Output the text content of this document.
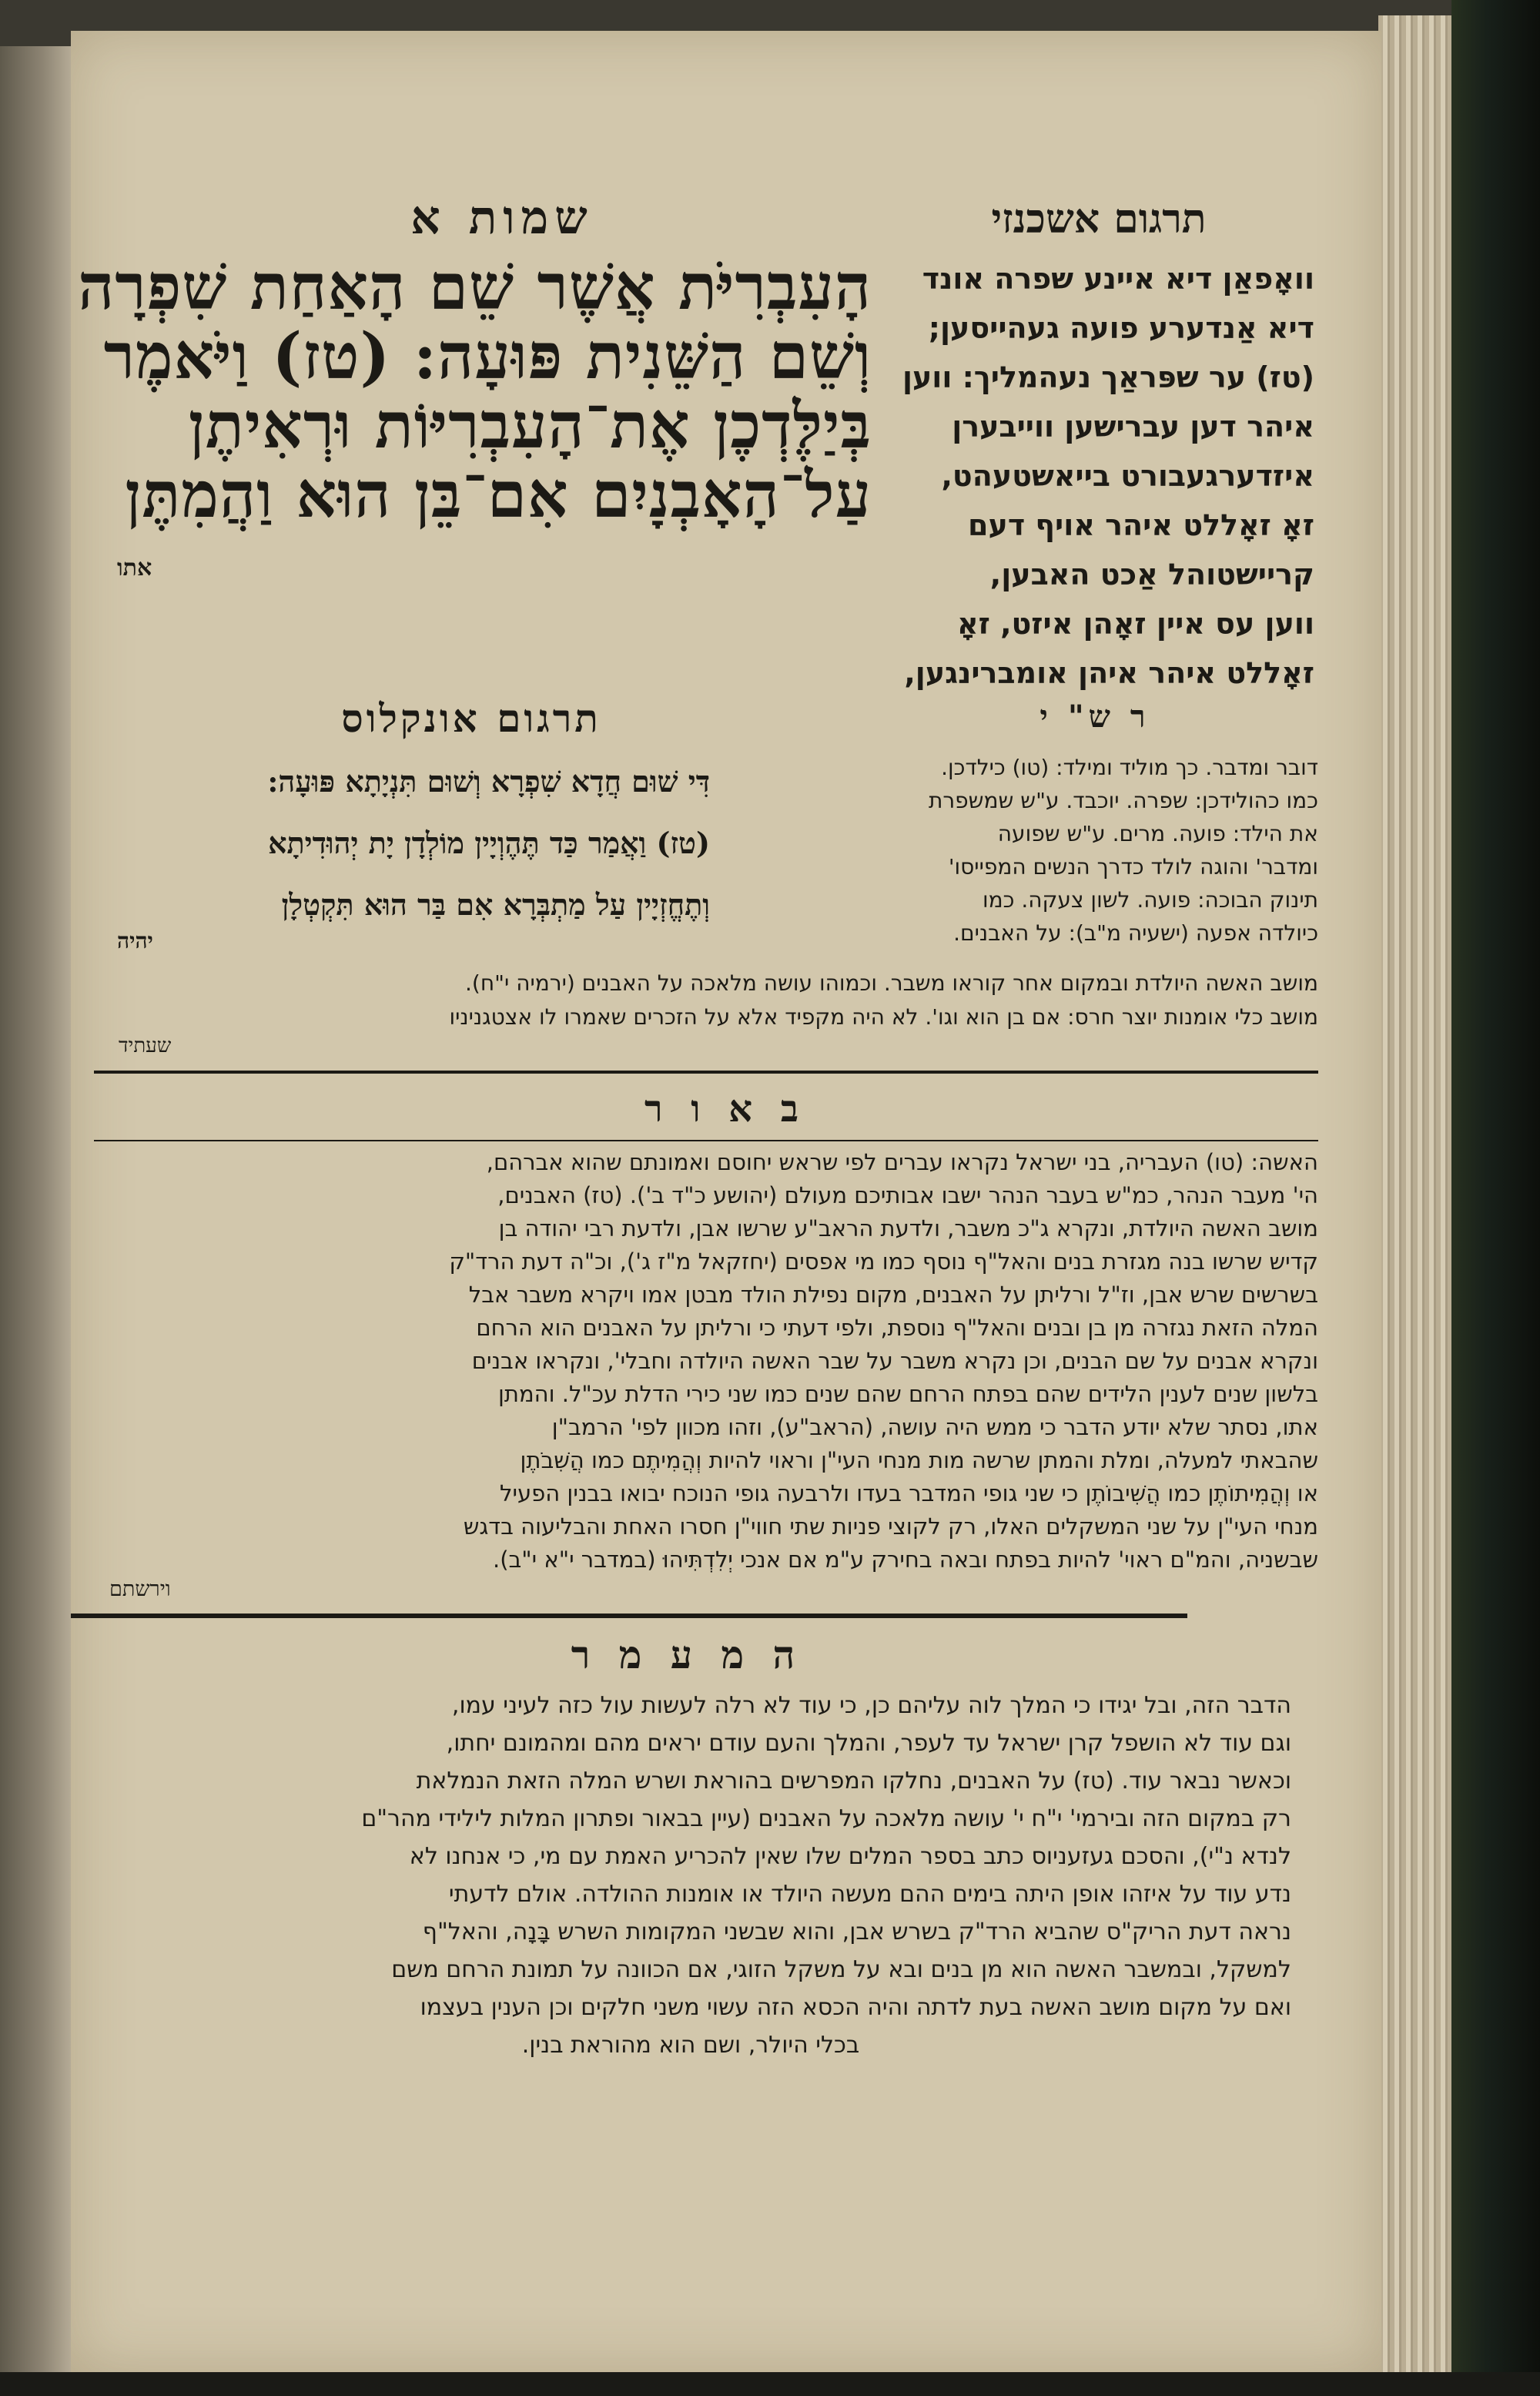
תרגום אשכנזי
שמות א
הָעִבְרִיֹּת אֲשֶׁר שֵׁם הָאַחַת שִׁפְרָה
וְשֵׁם הַשֵּׁנִית פּוּעָה: (טז) וַיֹּאמֶר
בְּיַלֶּדְכֶן אֶת־הָעִבְרִיּוֹת וּרְאִיתֶן
עַל־הָאָבְנָיִם אִם־בֵּן הוּא וַהֲמִתֶּן
אתו
וואָפאַן דיא איינע שפרה אונד
דיא אַנדערע פועה געהייסען;
(טז) ער שפּראַך נעהמליך: ווען
איהר דען עברישען ווייבערן
איזדערגעבורט בייאשטעהט,
זאָ זאָללט איהר אויף דעם
קריישטוהל אַכט האבען,
ווען עס איין זאָהן איזט, זאָ
זאָללט איהר איהן אומברינגען,
ר ש" י
תרגום אונקלוס
דובר ומדבר. כך מוליד ומילד: (טו) כילדכן.
כמו כהולידכן: שפרה. יוכבד. ע"ש שמשפרת
את הילד: פועה. מרים. ע"ש שפועה
ומדבר' והוגה לולד כדרך הנשים המפייסו'
תינוק הבוכה: פועה. לשון צעקה. כמו
כיולדה אפעה (ישעיה מ"ב): על האבנים.
דִּי שׁוּם חֲדָא שִׁפְרָא וְשׁוּם תִּנְיָתָא פּוּעָה:
(טז) וַאֲמַר כַּד תֶּהֶוְיָין מוֹלְדָן יָת יְהוּדִיתָא
וְתֶחֱזְיָין עַל מַתְבְּרָא אִם בַּר הוּא תִּקְטְלָן
יהיה
מושב האשה היולדת ובמקום אחר קוראו משבר. וכמוהו עושה מלאכה על האבנים (ירמיה י"ח).
מושב כלי אומנות יוצר חרס: אם בן הוא וגו'. לא היה מקפיד אלא על הזכרים שאמרו לו אצטגניניו
שעתיד
ב א ו ר
האשה: (טו) העבריה, בני ישראל נקראו עברים לפי שראש יחוסם ואמונתם שהוא אברהם,
הי' מעבר הנהר, כמ"ש בעבר הנהר ישבו אבותיכם מעולם (יהושע כ"ד ב'). (טז) האבנים,
מושב האשה היולדת, ונקרא ג"כ משבר, ולדעת הראב"ע שרשו אבן, ולדעת רבי יהודה בן
קדיש שרשו בנה מגזרת בנים והאל"ף נוסף כמו מי אפסים (יחזקאל מ"ז ג'), וכ"ה דעת הרד"ק
בשרשים שרש אבן, וז"ל ורליתן על האבנים, מקום נפילת הולד מבטן אמו ויקרא משבר אבל
המלה הזאת נגזרה מן בן ובנים והאל"ף נוספת, ולפי דעתי כי ורליתן על האבנים הוא הרחם
ונקרא אבנים על שם הבנים, וכן נקרא משבר על שבר האשה היולדה וחבלי', ונקראו אבנים
בלשון שנים לענין הלידים שהם בפתח הרחם שהם שנים כמו שני כירי הדלת עכ"ל. והמתן
אתו, נסתר שלא יודע הדבר כי ממש היה עושה, (הראב"ע), וזהו מכוון לפי' הרמב"ן
שהבאתי למעלה, ומלת והמתן שרשה מות מנחי העי"ן וראוי להיות וְהֲמִיתֶם כמו הֲשִׁבֹתֶן
או וְהֲמִיתוֹתֶן כמו הֲשִׁיבוֹתֶן כי שני גופי המדבר בעדו ולרבעה גופי הנוכח יבואו בבנין הפעיל
מנחי העי"ן על שני המשקלים האלו, רק לקוצי פניות שתי חווי"ן חסרו האחת והבליעוה בדגש
שבשניה, והמ"ם ראוי' להיות בפתח ובאה בחירק ע"מ אם אנכי יְלִדְתִּיהוּ (במדבר י"א י"ב).
וירשתם
ה מ ע מ ר
הדבר הזה, ובל יגידו כי המלך לוה עליהם כן, כי עוד לא רלה לעשות עול כזה לעיני עמו,
וגם עוד לא הושפל קרן ישראל עד לעפר, והמלך והעם עודם יראים מהם ומהמונם יחתו,
וכאשר נבאר עוד. (טז) על האבנים, נחלקו המפרשים בהוראת ושרש המלה הזאת הנמלאת
רק במקום הזה ובירמי' י"ח י' עושה מלאכה על האבנים (עיין בבאור ופתרון המלות לילידי מהר"ם
לנדא נ"י), והסכם געזעניוס כתב בספר המלים שלו שאין להכריע האמת עם מי, כי אנחנו לא
נדע עוד על איזהו אופן היתה בימים ההם מעשה היולד או אומנות ההולדה. אולם לדעתי
נראה דעת הריק"ס שהביא הרד"ק בשרש אבן, והוא שבשני המקומות השרש בָּנָה, והאל"ף
למשקל, ובמשבר האשה הוא מן בנים ובא על משקל הזוגי, אם הכוונה על תמונת הרחם משם
ואם על מקום מושב האשה בעת לדתה והיה הכסא הזה עשוי משני חלקים וכן הענין בעצמו
בכלי היולר, ושם הוא מהוראת בנין.
